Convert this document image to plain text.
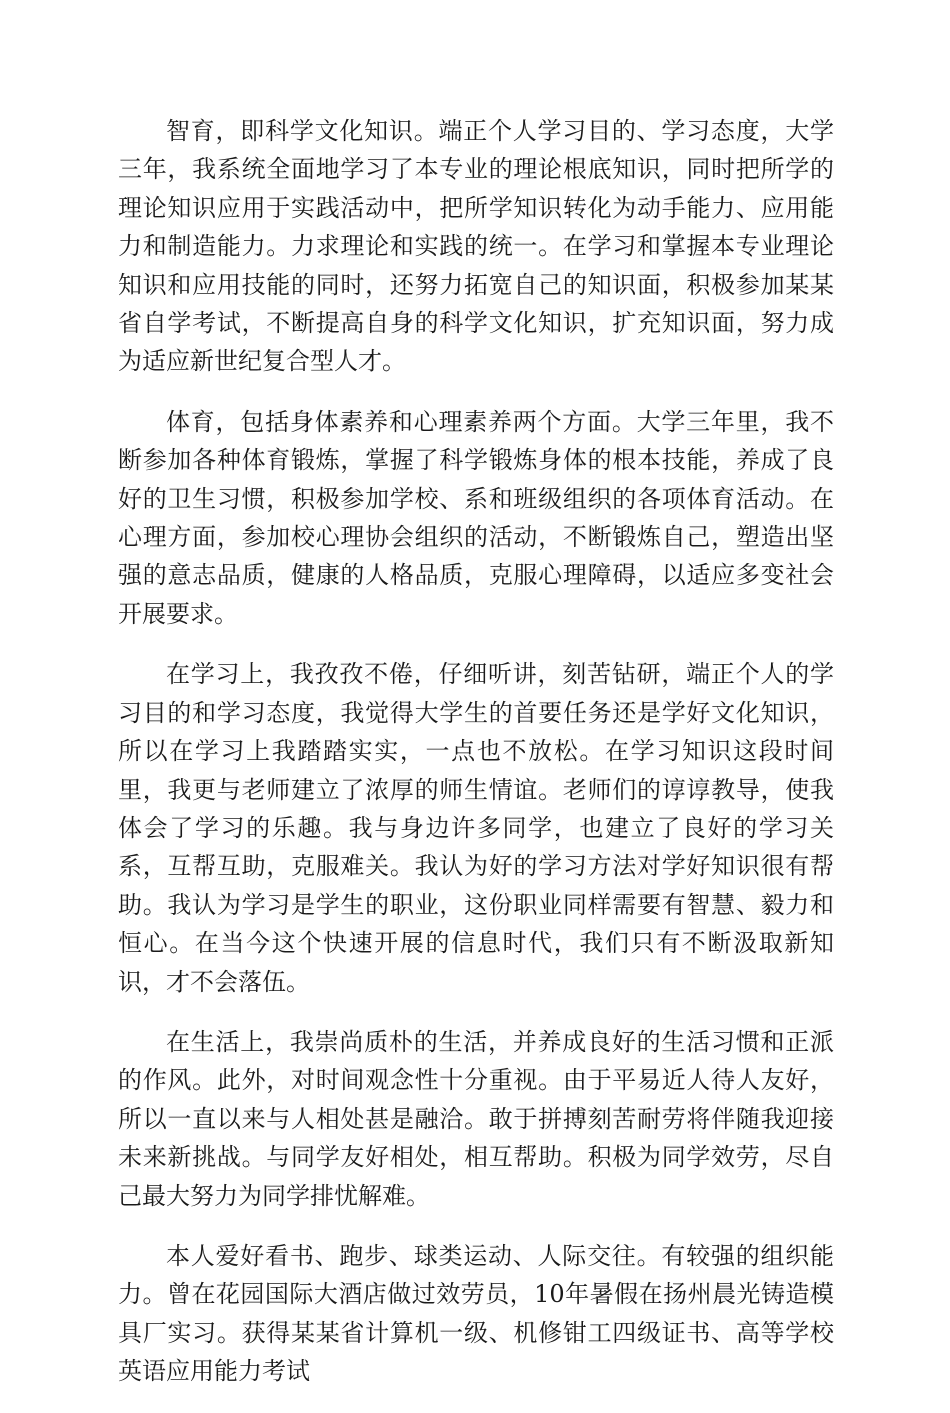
智育，即科学文化知识。端正个人学习目的、学习态度，大学三年，我系统全面地学习了本专业的理论根底知识，同时把所学的理论知识应用于实践活动中，把所学知识转化为动手能力、应用能力和制造能力。力求理论和实践的统一。在学习和掌握本专业理论知识和应用技能的同时，还努力拓宽自己的知识面，积极参加某某省自学考试，不断提高自身的科学文化知识，扩充知识面，努力成为适应新世纪复合型人才。

体育，包括身体素养和心理素养两个方面。大学三年里，我不断参加各种体育锻炼，掌握了科学锻炼身体的根本技能，养成了良好的卫生习惯，积极参加学校、系和班级组织的各项体育活动。在心理方面，参加校心理协会组织的活动，不断锻炼自己，塑造出坚强的意志品质，健康的人格品质，克服心理障碍，以适应多变社会开展要求。

在学习上，我孜孜不倦，仔细听讲，刻苦钻研，端正个人的学习目的和学习态度，我觉得大学生的首要任务还是学好文化知识，所以在学习上我踏踏实实，一点也不放松。在学习知识这段时间里，我更与老师建立了浓厚的师生情谊。老师们的谆谆教导，使我体会了学习的乐趣。我与身边许多同学，也建立了良好的学习关系，互帮互助，克服难关。我认为好的学习方法对学好知识很有帮助。我认为学习是学生的职业，这份职业同样需要有智慧、毅力和恒心。在当今这个快速开展的信息时代，我们只有不断汲取新知识，才不会落伍。

在生活上，我崇尚质朴的生活，并养成良好的生活习惯和正派的作风。此外，对时间观念性十分重视。由于平易近人待人友好，所以一直以来与人相处甚是融洽。敢于拼搏刻苦耐劳将伴随我迎接未来新挑战。与同学友好相处，相互帮助。积极为同学效劳，尽自己最大努力为同学排忧解难。

本人爱好看书、跑步、球类运动、人际交往。有较强的组织能力。曾在花园国际大酒店做过效劳员，10年暑假在扬州晨光铸造模具厂实习。获得某某省计算机一级、机修钳工四级证书、高等学校英语应用能力考试
